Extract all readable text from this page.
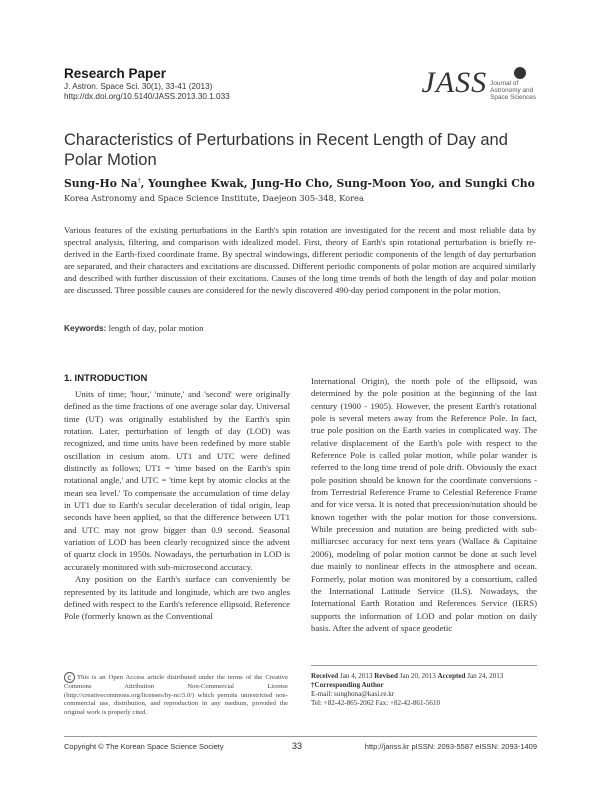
Research Paper
J. Astron. Space Sci. 30(1), 33-41 (2013)
http://dx.doi.org/10.5140/JASS.2013.30.1.033	JASS Journal of
Astronomy and
Space Sciences
Characteristics of Perturbations in Recent Length of Day and Polar Motion
Sung-Ho Na†, Younghee Kwak, Jung-Ho Cho, Sung-Moon Yoo, and Sungki Cho
Korea Astronomy and Space Science Institute, Daejeon 305-348, Korea
Various features of the existing perturbations in the Earth's spin rotation are investigated for the recent and most reliable data by spectral analysis, filtering, and comparison with idealized model. First, theory of Earth's spin rotational perturbation is briefly re-derived in the Earth-fixed coordinate frame. By spectral windowings, different periodic components of the length of day perturbation are separated, and their characters and excitations are discussed. Different periodic components of polar motion are acquired similarly and described with further discussion of their excitations. Causes of the long time trends of both the length of day and polar motion are discussed. Three possible causes are considered for the newly discovered 490-day period component in the polar motion.
Keywords: length of day, polar motion
1. INTRODUCTION

Units of time; 'hour,' 'minute,' and 'second' were originally defined as the time fractions of one average solar day. Universal time (UT) was originally established by the Earth's spin rotation. Later, perturbation of length of day (LOD) was recognized, and time units have been redefined by more stable oscillation in cesium atom. UT1 and UTC were defined distinctly as follows; UT1 = 'time based on the Earth's spin rotational angle,' and UTC = 'time kept by atomic clocks at the mean sea level.' To compensate the accumulation of time delay in UT1 due to Earth's secular deceleration of tidal origin, leap seconds have been applied, so that the difference between UT1 and UTC may not grow bigger than 0.9 second. Seasonal variation of LOD has been clearly recognized since the advent of quartz clock in 1950s. Nowadays, the perturbation in LOD is accurately monitored with sub-microsecond accuracy.

Any position on the Earth's surface can conveniently be represented by its latitude and longitude, which are two angles defined with respect to the Earth's reference ellipsoid. Reference Pole (formerly known as the Conventional

International Origin), the north pole of the ellipsoid, was determined by the pole position at the beginning of the last century (1900 - 1905). However, the present Earth's rotational pole is several meters away from the Reference Pole. In fact, true pole position on the Earth varies in complicated way. The relative displacement of the Earth's pole with respect to the Reference Pole is called polar motion, while polar wander is referred to the long time trend of pole drift. Obviously the exact pole position should be known for the coordinate conversions - from Terrestrial Reference Frame to Celestial Reference Frame and for vice versa. It is noted that precession/nutation should be known together with the polar motion for those conversions. While precession and nutation are being predicted with sub-milliarcsec accuracy for next tens years (Wallace & Capitaine 2006), modeling of polar motion cannot be done at such level due mainly to nonlinear effects in the atmosphere and ocean. Formerly, polar motion was monitored by a consortium, called the International Latitude Service (ILS). Nowadays, the International Earth Rotation and References Service (IERS) supports the information of LOD and polar motion on daily basis. After the advent of space geodetic

c This is an Open Access article distributed under the terms of the Creative Commons Attribution Non-Commercial License (http://creativecommons.org/licenses/by-nc/3.0/) which permits unrestricted non-commercial use, distribution, and reproduction in any medium, provided the original work is properly cited.
Received Jan 4, 2013 Revised Jan 20, 2013 Accepted Jan 24, 2013
†Corresponding Author
E-mail: sunghona@kasi.re.kr
Tel: +82-42-865-2062 Fax: +82-42-861-5610
Copyright © The Korean Space Science Society	33	http://janss.kr pISSN: 2093-5587 eISSN: 2093-1409
